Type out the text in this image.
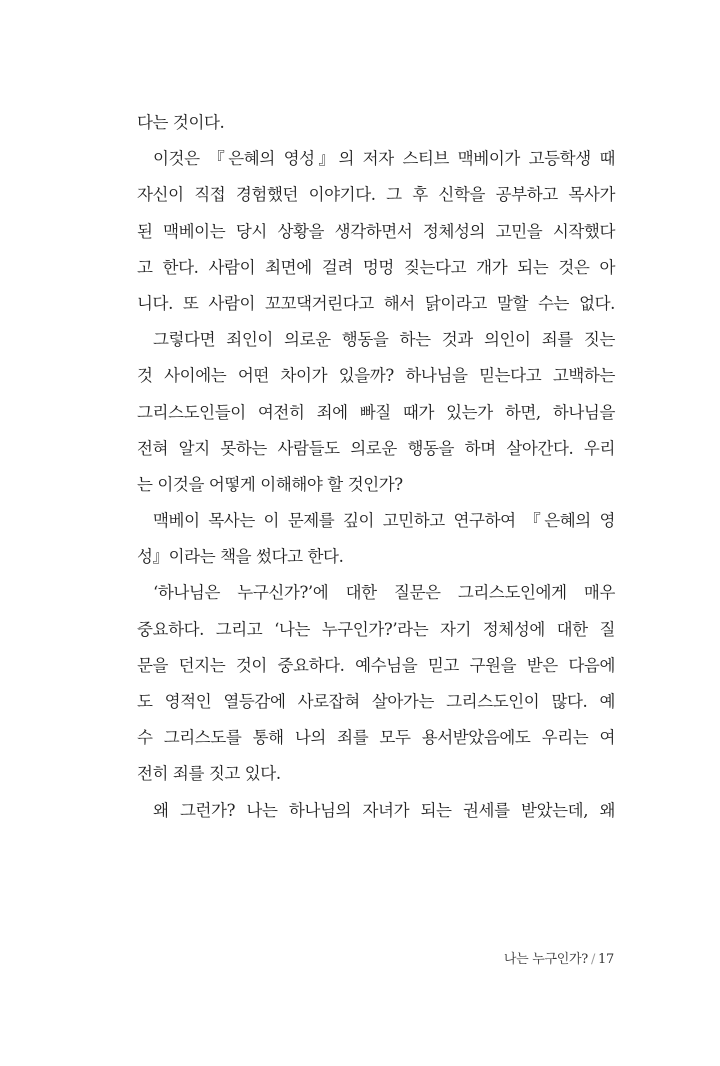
다는 것이다.
이것은 『은혜의 영성』의 저자 스티브 맥베이가 고등학생 때
자신이 직접 경험했던 이야기다. 그 후 신학을 공부하고 목사가
된 맥베이는 당시 상황을 생각하면서 정체성의 고민을 시작했다
고 한다. 사람이 최면에 걸려 멍멍 짖는다고 개가 되는 것은 아
니다. 또 사람이 꼬꼬댁거린다고 해서 닭이라고 말할 수는 없다.
그렇다면 죄인이 의로운 행동을 하는 것과 의인이 죄를 짓는
것 사이에는 어떤 차이가 있을까? 하나님을 믿는다고 고백하는
그리스도인들이 여전히 죄에 빠질 때가 있는가 하면, 하나님을
전혀 알지 못하는 사람들도 의로운 행동을 하며 살아간다. 우리
는 이것을 어떻게 이해해야 할 것인가?
맥베이 목사는 이 문제를 깊이 고민하고 연구하여 『은혜의 영
성』이라는 책을 썼다고 한다.
‘하나님은 누구신가?’에 대한 질문은 그리스도인에게 매우
중요하다. 그리고 ‘나는 누구인가?’라는 자기 정체성에 대한 질
문을 던지는 것이 중요하다. 예수님을 믿고 구원을 받은 다음에
도 영적인 열등감에 사로잡혀 살아가는 그리스도인이 많다. 예
수 그리스도를 통해 나의 죄를 모두 용서받았음에도 우리는 여
전히 죄를 짓고 있다.
왜 그런가? 나는 하나님의 자녀가 되는 권세를 받았는데, 왜
나는 누구인가? / 17
